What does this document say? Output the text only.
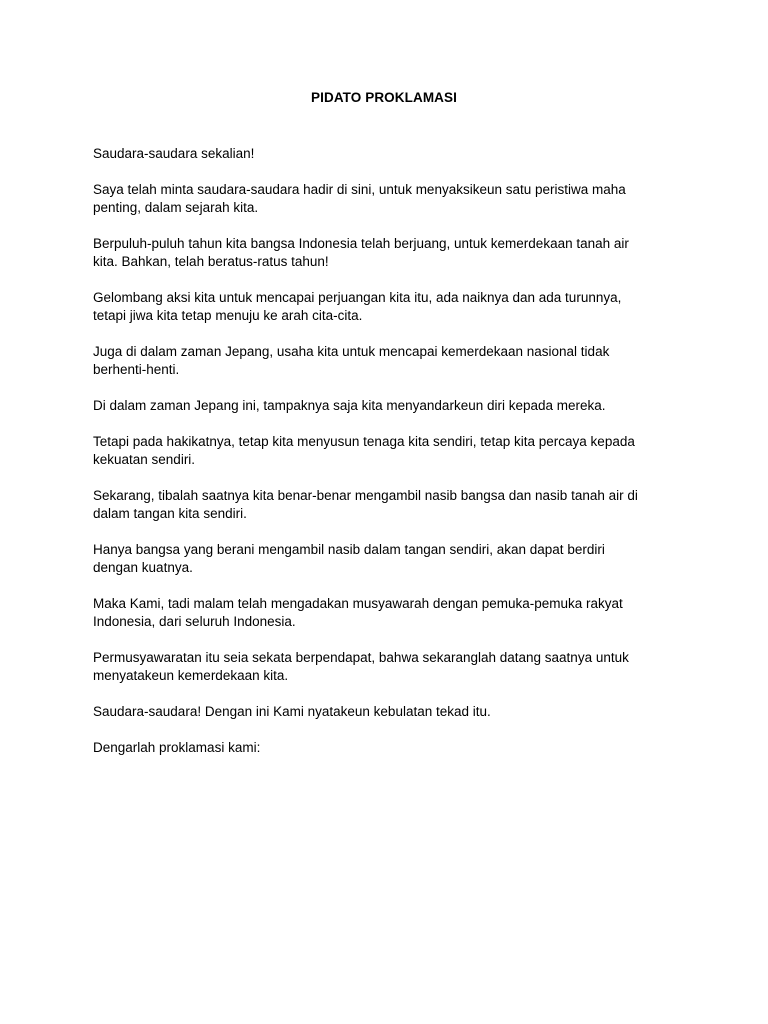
PIDATO PROKLAMASI
Saudara-saudara sekalian!
Saya telah minta saudara-saudara hadir di sini, untuk menyaksikeun satu peristiwa maha
penting, dalam sejarah kita.
Berpuluh-puluh tahun kita bangsa Indonesia telah berjuang, untuk kemerdekaan tanah air
kita. Bahkan, telah beratus-ratus tahun!
Gelombang aksi kita untuk mencapai perjuangan kita itu, ada naiknya dan ada turunnya,
tetapi jiwa kita tetap menuju ke arah cita-cita.
Juga di dalam zaman Jepang, usaha kita untuk mencapai kemerdekaan nasional tidak
berhenti-henti.
Di dalam zaman Jepang ini, tampaknya saja kita menyandarkeun diri kepada mereka.
Tetapi pada hakikatnya, tetap kita menyusun tenaga kita sendiri, tetap kita percaya kepada
kekuatan sendiri.
Sekarang, tibalah saatnya kita benar-benar mengambil nasib bangsa dan nasib tanah air di
dalam tangan kita sendiri.
Hanya bangsa yang berani mengambil nasib dalam tangan sendiri, akan dapat berdiri
dengan kuatnya.
Maka Kami, tadi malam telah mengadakan musyawarah dengan pemuka-pemuka rakyat
Indonesia, dari seluruh Indonesia.
Permusyawaratan itu seia sekata berpendapat, bahwa sekaranglah datang saatnya untuk
menyatakeun kemerdekaan kita.
Saudara-saudara! Dengan ini Kami nyatakeun kebulatan tekad itu.
Dengarlah proklamasi kami:
